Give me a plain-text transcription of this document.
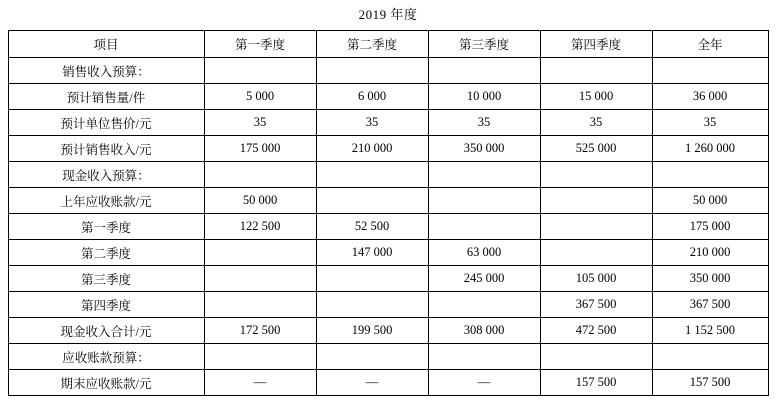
2019 年度
项目	第一季度	第二季度	第三季度	第四季度	全年
销售收入预算：					
预计销售量/件	5 000	6 000	10 000	15 000	36 000
预计单位售价/元	35	35	35	35	35
预计销售收入/元	175 000	210 000	350 000	525 000	1 260 000
现金收入预算：					
上年应收账款/元	50 000				50 000
第一季度	122 500	52 500			175 000
第二季度		147 000	63 000		210 000
第三季度			245 000	105 000	350 000
第四季度				367 500	367 500
现金收入合计/元	172 500	199 500	308 000	472 500	1 152 500
应收账款预算：					
期末应收账款/元	—	—	—	157 500	157 500
